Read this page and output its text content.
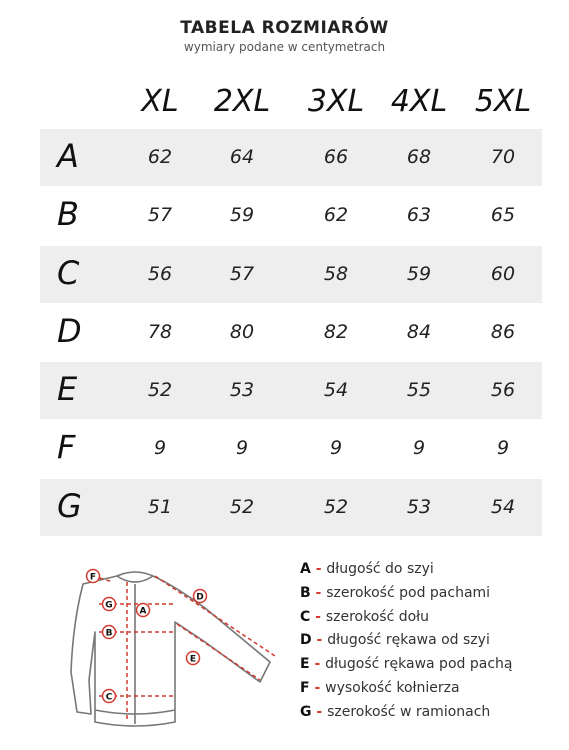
TABELA ROZMIARÓW
wymiary podane w centymetrach
XL	2XL	3XL 4XL 5XL
A	62	64	66	68	70
B	57	59	62	63	65
C	56	57	58	59	60
D	78	80	82	84	86
E	52	53	54	55	56
F	9	9	9	9	9
G	51	52	52	53	54
F
G
A
D
B
E
C
A - długość do szyi
B - szerokość pod pachami
C - szerokość dołu
D - długość rękawa od szyi
E - długość rękawa pod pachą
F - wysokość kołnierza
G - szerokość w ramionach
